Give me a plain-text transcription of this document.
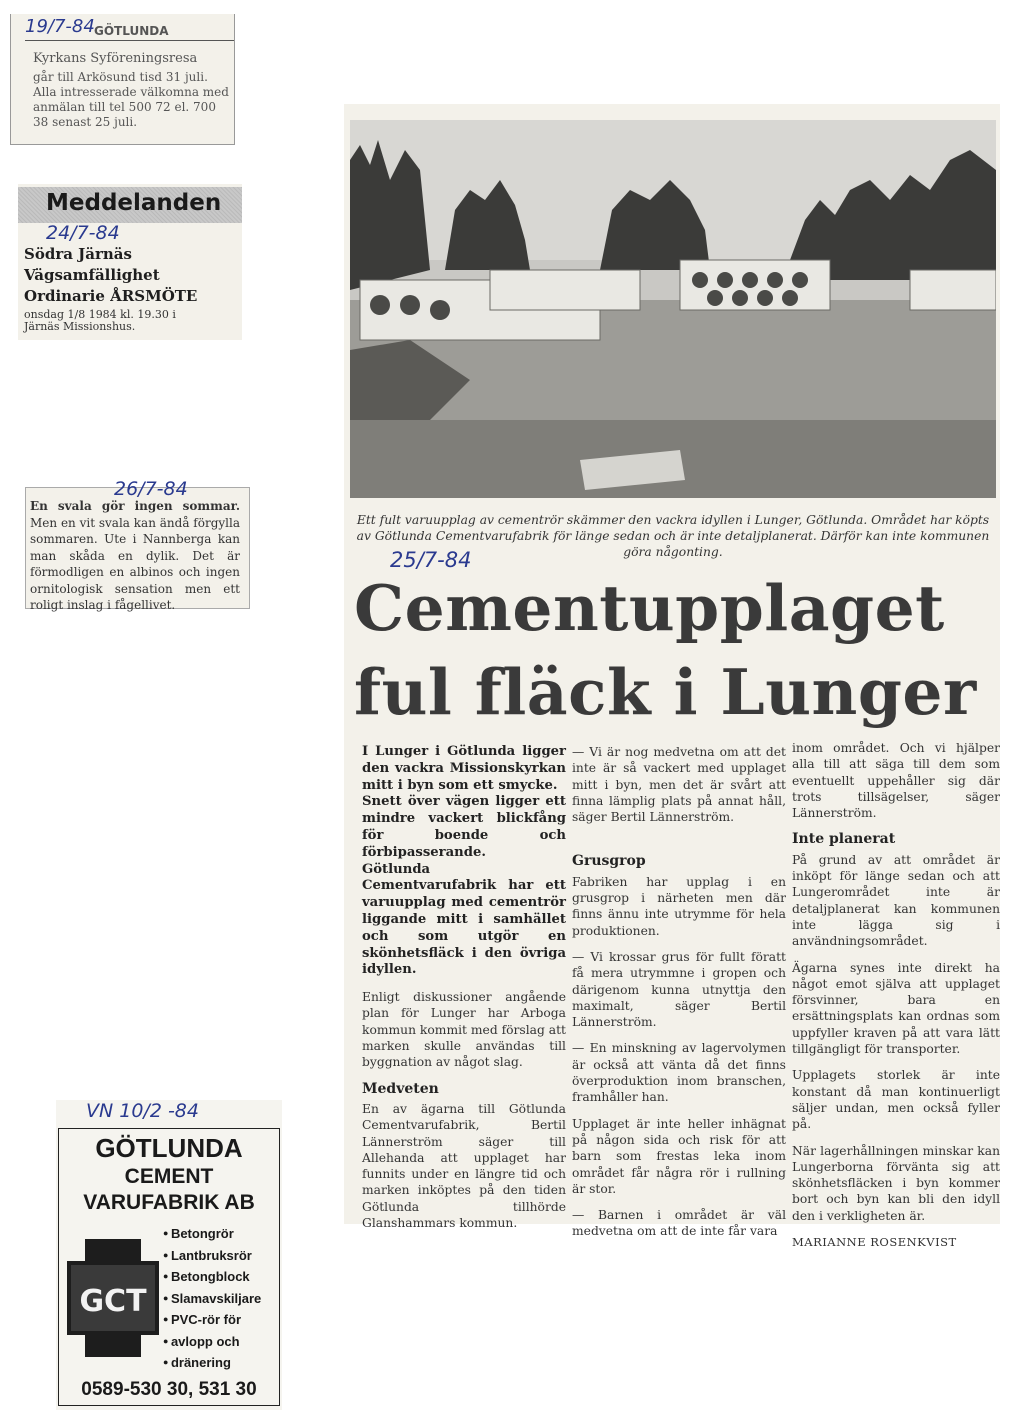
19/7-84 GÖTLUNDA
Kyrkans Syföreningsresa
går till Arkösund tisd 31 juli. Alla intresserade välkomna med anmälan till tel 500 72 el. 700 38 senast 25 juli.
Meddelanden
24/7-84
Södra Järnäs
Vägsamfällighet
Ordinarie ÅRSMÖTE
onsdag 1/8 1984 kl. 19.30 i
Järnäs Missionshus.
26/7-84
En svala gör ingen sommar. Men en vit svala kan ändå förgylla sommaren. Ute i Nannberga kan man skåda en dylik. Det är förmodligen en albinos och ingen ornitologisk sensation men ett roligt inslag i fågellivet.
VN 10/2 -84
GÖTLUNDA
CEMENT
VARUFABRIK AB
GCT
● Betongrör
● Lantbruksrör
● Betongblock
● Slamavskiljare
● PVC-rör för
● avlopp och
● dränering
0589-530 30, 531 30
Ett fult varuupplag av cementrör skämmer den vackra idyllen i Lunger, Götlunda. Området har köpts av Götlunda Cementvarufabrik för länge sedan och är inte detaljplanerat. Därför kan inte kommunen göra någonting.
25/7-84
Cementupplaget
ful fläck i Lunger

I Lunger i Götlunda ligger den vackra Missionskyrkan mitt i byn som ett smycke.

Snett över vägen ligger ett mindre vackert blickfång för boende och förbipasserande.

Götlunda Cementvarufabrik har ett varuupplag med cementrör liggande mitt i samhället och som utgör en skönhetsfläck i den övriga idyllen.

Enligt diskussioner angående plan för Lunger har Arboga kommun kommit med förslag att marken skulle användas till byggnation av något slag.

Medveten

En av ägarna till Götlunda Cementvarufabrik, Bertil Lännerström säger till Allehanda att upplaget har funnits under en längre tid och marken inköptes på den tiden Götlunda tillhörde Glanshammars kommun.

— Vi är nog medvetna om att det inte är så vackert med upplaget mitt i byn, men det är svårt att finna lämplig plats på annat håll, säger Bertil Lännerström.

Grusgrop

Fabriken har upplag i en grusgrop i närheten men där finns ännu inte utrymme för hela produktionen.

— Vi krossar grus för fullt föratt få mera utrymmne i gropen och därigenom kunna utnyttja den maximalt, säger Bertil Lännerström.

— En minskning av lagervolymen är också att vänta då det finns överproduktion inom branschen, framhåller han.

Upplaget är inte heller inhägnat på någon sida och risk för att barn som frestas leka inom området får några rör i rullning är stor.

— Barnen i området är väl medvetna om att de inte får vara

inom området. Och vi hjälper alla till att säga till dem som eventuellt uppehåller sig där trots tillsägelser, säger Lännerström.

Inte planerat

På grund av att området är inköpt för länge sedan och att Lungerområdet inte är detaljplanerat kan kommunen inte lägga sig i användningsområdet.

Ägarna synes inte direkt ha något emot själva att upplaget försvinner, bara en ersättningsplats kan ordnas som uppfyller kraven på att vara lätt tillgängligt för transporter.

Upplagets storlek är inte konstant då man kontinuerligt säljer undan, men också fyller på.

När lagerhållningen minskar kan Lungerborna förvänta sig att skönhetsfläcken i byn kommer bort och byn kan bli den idyll den i verkligheten är.

MARIANNE ROSENKVIST
